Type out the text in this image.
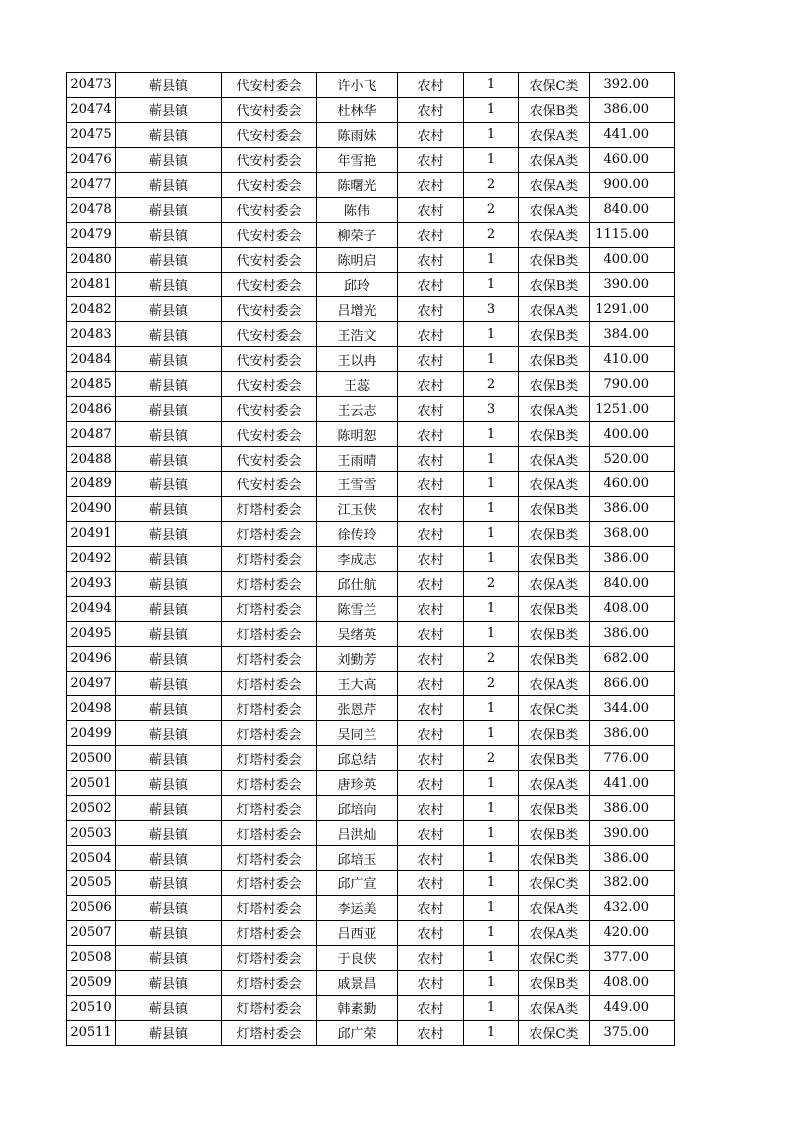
20473	蕲县镇	代安村委会	许小飞	农村	1	农保C类	392.00
20474	蕲县镇	代安村委会	杜林华	农村	1	农保B类	386.00
20475	蕲县镇	代安村委会	陈雨妹	农村	1	农保A类	441.00
20476	蕲县镇	代安村委会	年雪艳	农村	1	农保A类	460.00
20477	蕲县镇	代安村委会	陈曙光	农村	2	农保A类	900.00
20478	蕲县镇	代安村委会	陈伟	农村	2	农保A类	840.00
20479	蕲县镇	代安村委会	柳荣子	农村	2	农保A类	1115.00
20480	蕲县镇	代安村委会	陈明启	农村	1	农保B类	400.00
20481	蕲县镇	代安村委会	邱玲	农村	1	农保B类	390.00
20482	蕲县镇	代安村委会	吕增光	农村	3	农保A类	1291.00
20483	蕲县镇	代安村委会	王浩文	农村	1	农保B类	384.00
20484	蕲县镇	代安村委会	王以冉	农村	1	农保B类	410.00
20485	蕲县镇	代安村委会	王蕊	农村	2	农保B类	790.00
20486	蕲县镇	代安村委会	王云志	农村	3	农保A类	1251.00
20487	蕲县镇	代安村委会	陈明恕	农村	1	农保B类	400.00
20488	蕲县镇	代安村委会	王雨晴	农村	1	农保A类	520.00
20489	蕲县镇	代安村委会	王雪雪	农村	1	农保A类	460.00
20490	蕲县镇	灯塔村委会	江玉侠	农村	1	农保B类	386.00
20491	蕲县镇	灯塔村委会	徐传玲	农村	1	农保B类	368.00
20492	蕲县镇	灯塔村委会	李成志	农村	1	农保B类	386.00
20493	蕲县镇	灯塔村委会	邱仕航	农村	2	农保A类	840.00
20494	蕲县镇	灯塔村委会	陈雪兰	农村	1	农保B类	408.00
20495	蕲县镇	灯塔村委会	吴绪英	农村	1	农保B类	386.00
20496	蕲县镇	灯塔村委会	刘勤芳	农村	2	农保B类	682.00
20497	蕲县镇	灯塔村委会	王大高	农村	2	农保A类	866.00
20498	蕲县镇	灯塔村委会	张恩芹	农村	1	农保C类	344.00
20499	蕲县镇	灯塔村委会	吴同兰	农村	1	农保B类	386.00
20500	蕲县镇	灯塔村委会	邱总结	农村	2	农保B类	776.00
20501	蕲县镇	灯塔村委会	唐珍英	农村	1	农保A类	441.00
20502	蕲县镇	灯塔村委会	邱培向	农村	1	农保B类	386.00
20503	蕲县镇	灯塔村委会	吕洪灿	农村	1	农保B类	390.00
20504	蕲县镇	灯塔村委会	邱培玉	农村	1	农保B类	386.00
20505	蕲县镇	灯塔村委会	邱广宣	农村	1	农保C类	382.00
20506	蕲县镇	灯塔村委会	李运美	农村	1	农保A类	432.00
20507	蕲县镇	灯塔村委会	吕西亚	农村	1	农保A类	420.00
20508	蕲县镇	灯塔村委会	于良侠	农村	1	农保C类	377.00
20509	蕲县镇	灯塔村委会	戚景昌	农村	1	农保B类	408.00
20510	蕲县镇	灯塔村委会	韩素勤	农村	1	农保A类	449.00
20511	蕲县镇	灯塔村委会	邱广荣	农村	1	农保C类	375.00
